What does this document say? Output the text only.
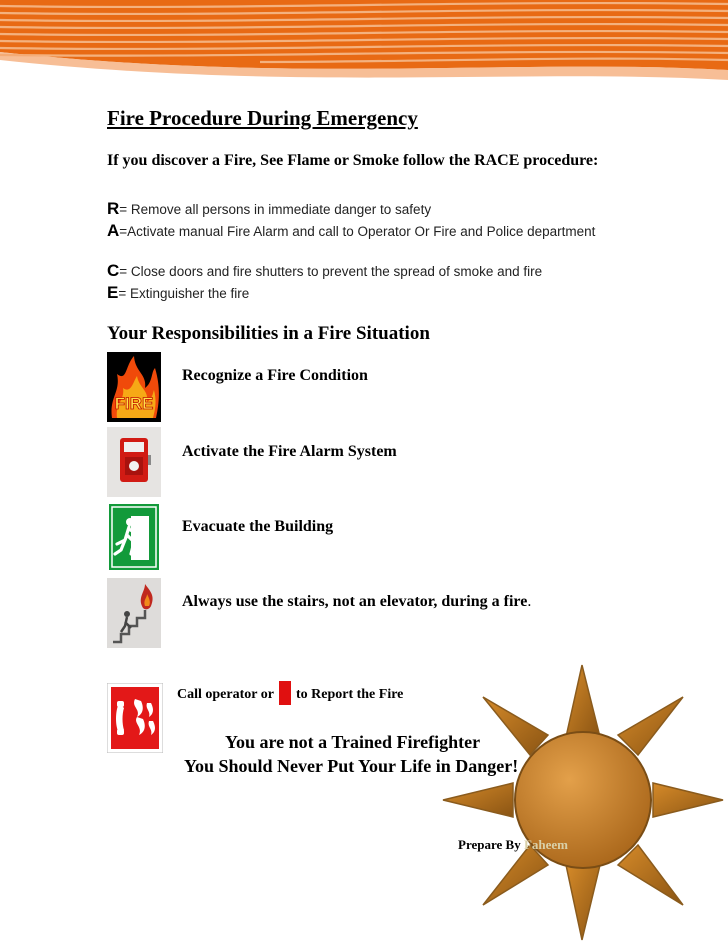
Fire Procedure During Emergency
If you discover a Fire, See Flame or Smoke follow the RACE procedure:
R= Remove all persons in immediate danger to safety
A=Activate manual Fire Alarm and call to Operator Or Fire and Police department
C= Close doors and fire shutters to prevent the spread of smoke and fire
E= Extinguisher the fire
Your Responsibilities in a Fire Situation
FIRE
Recognize a Fire Condition
Activate the Fire Alarm System
Evacuate the Building
Always use the stairs, not an elevator, during a fire.
Call operator or to Report the Fire
You are not a Trained Firefighter
You Should Never Put Your Life in Danger!
Prepare By Faheem
